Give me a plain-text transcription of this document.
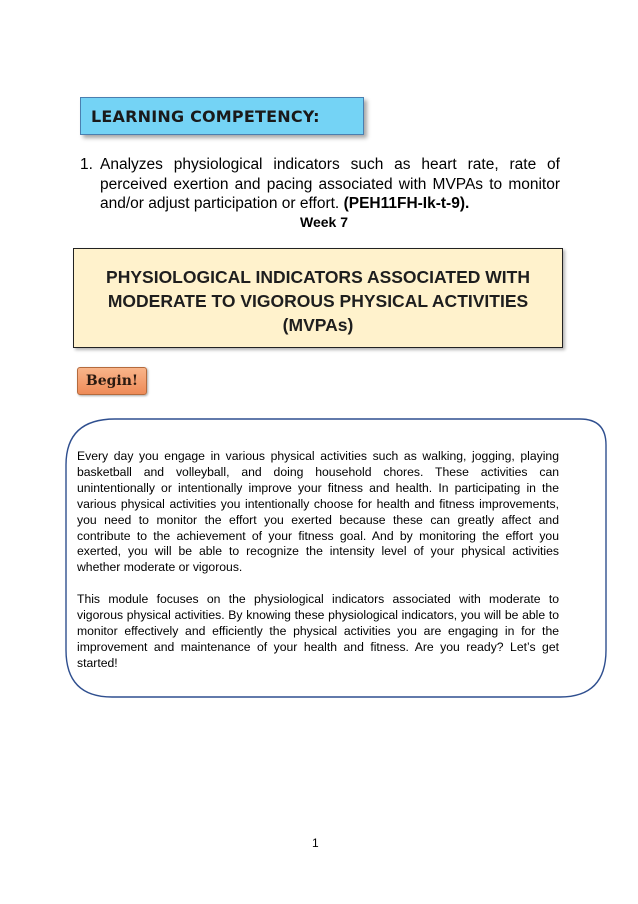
LEARNING COMPETENCY:
1. Analyzes physiological indicators such as heart rate, rate of perceived exertion and pacing associated with MVPAs to monitor and/or adjust participation or effort. (PEH11FH-Ik-t-9).
Week 7
PHYSIOLOGICAL INDICATORS ASSOCIATED WITH
MODERATE TO VIGOROUS PHYSICAL ACTIVITIES
(MVPAs)
Begin!

Every day you engage in various physical activities such as walking, jogging, playing basketball and volleyball, and doing household chores. These activities can unintentionally or intentionally improve your fitness and health. In participating in the various physical activities you intentionally choose for health and fitness improvements, you need to monitor the effort you exerted because these can greatly affect and contribute to the achievement of your fitness goal. And by monitoring the effort you exerted, you will be able to recognize the intensity level of your physical activities whether moderate or vigorous.

This module focuses on the physiological indicators associated with moderate to vigorous physical activities. By knowing these physiological indicators, you will be able to monitor effectively and efficiently the physical activities you are engaging in for the improvement and maintenance of your health and fitness. Are you ready? Let’s get started!

1
